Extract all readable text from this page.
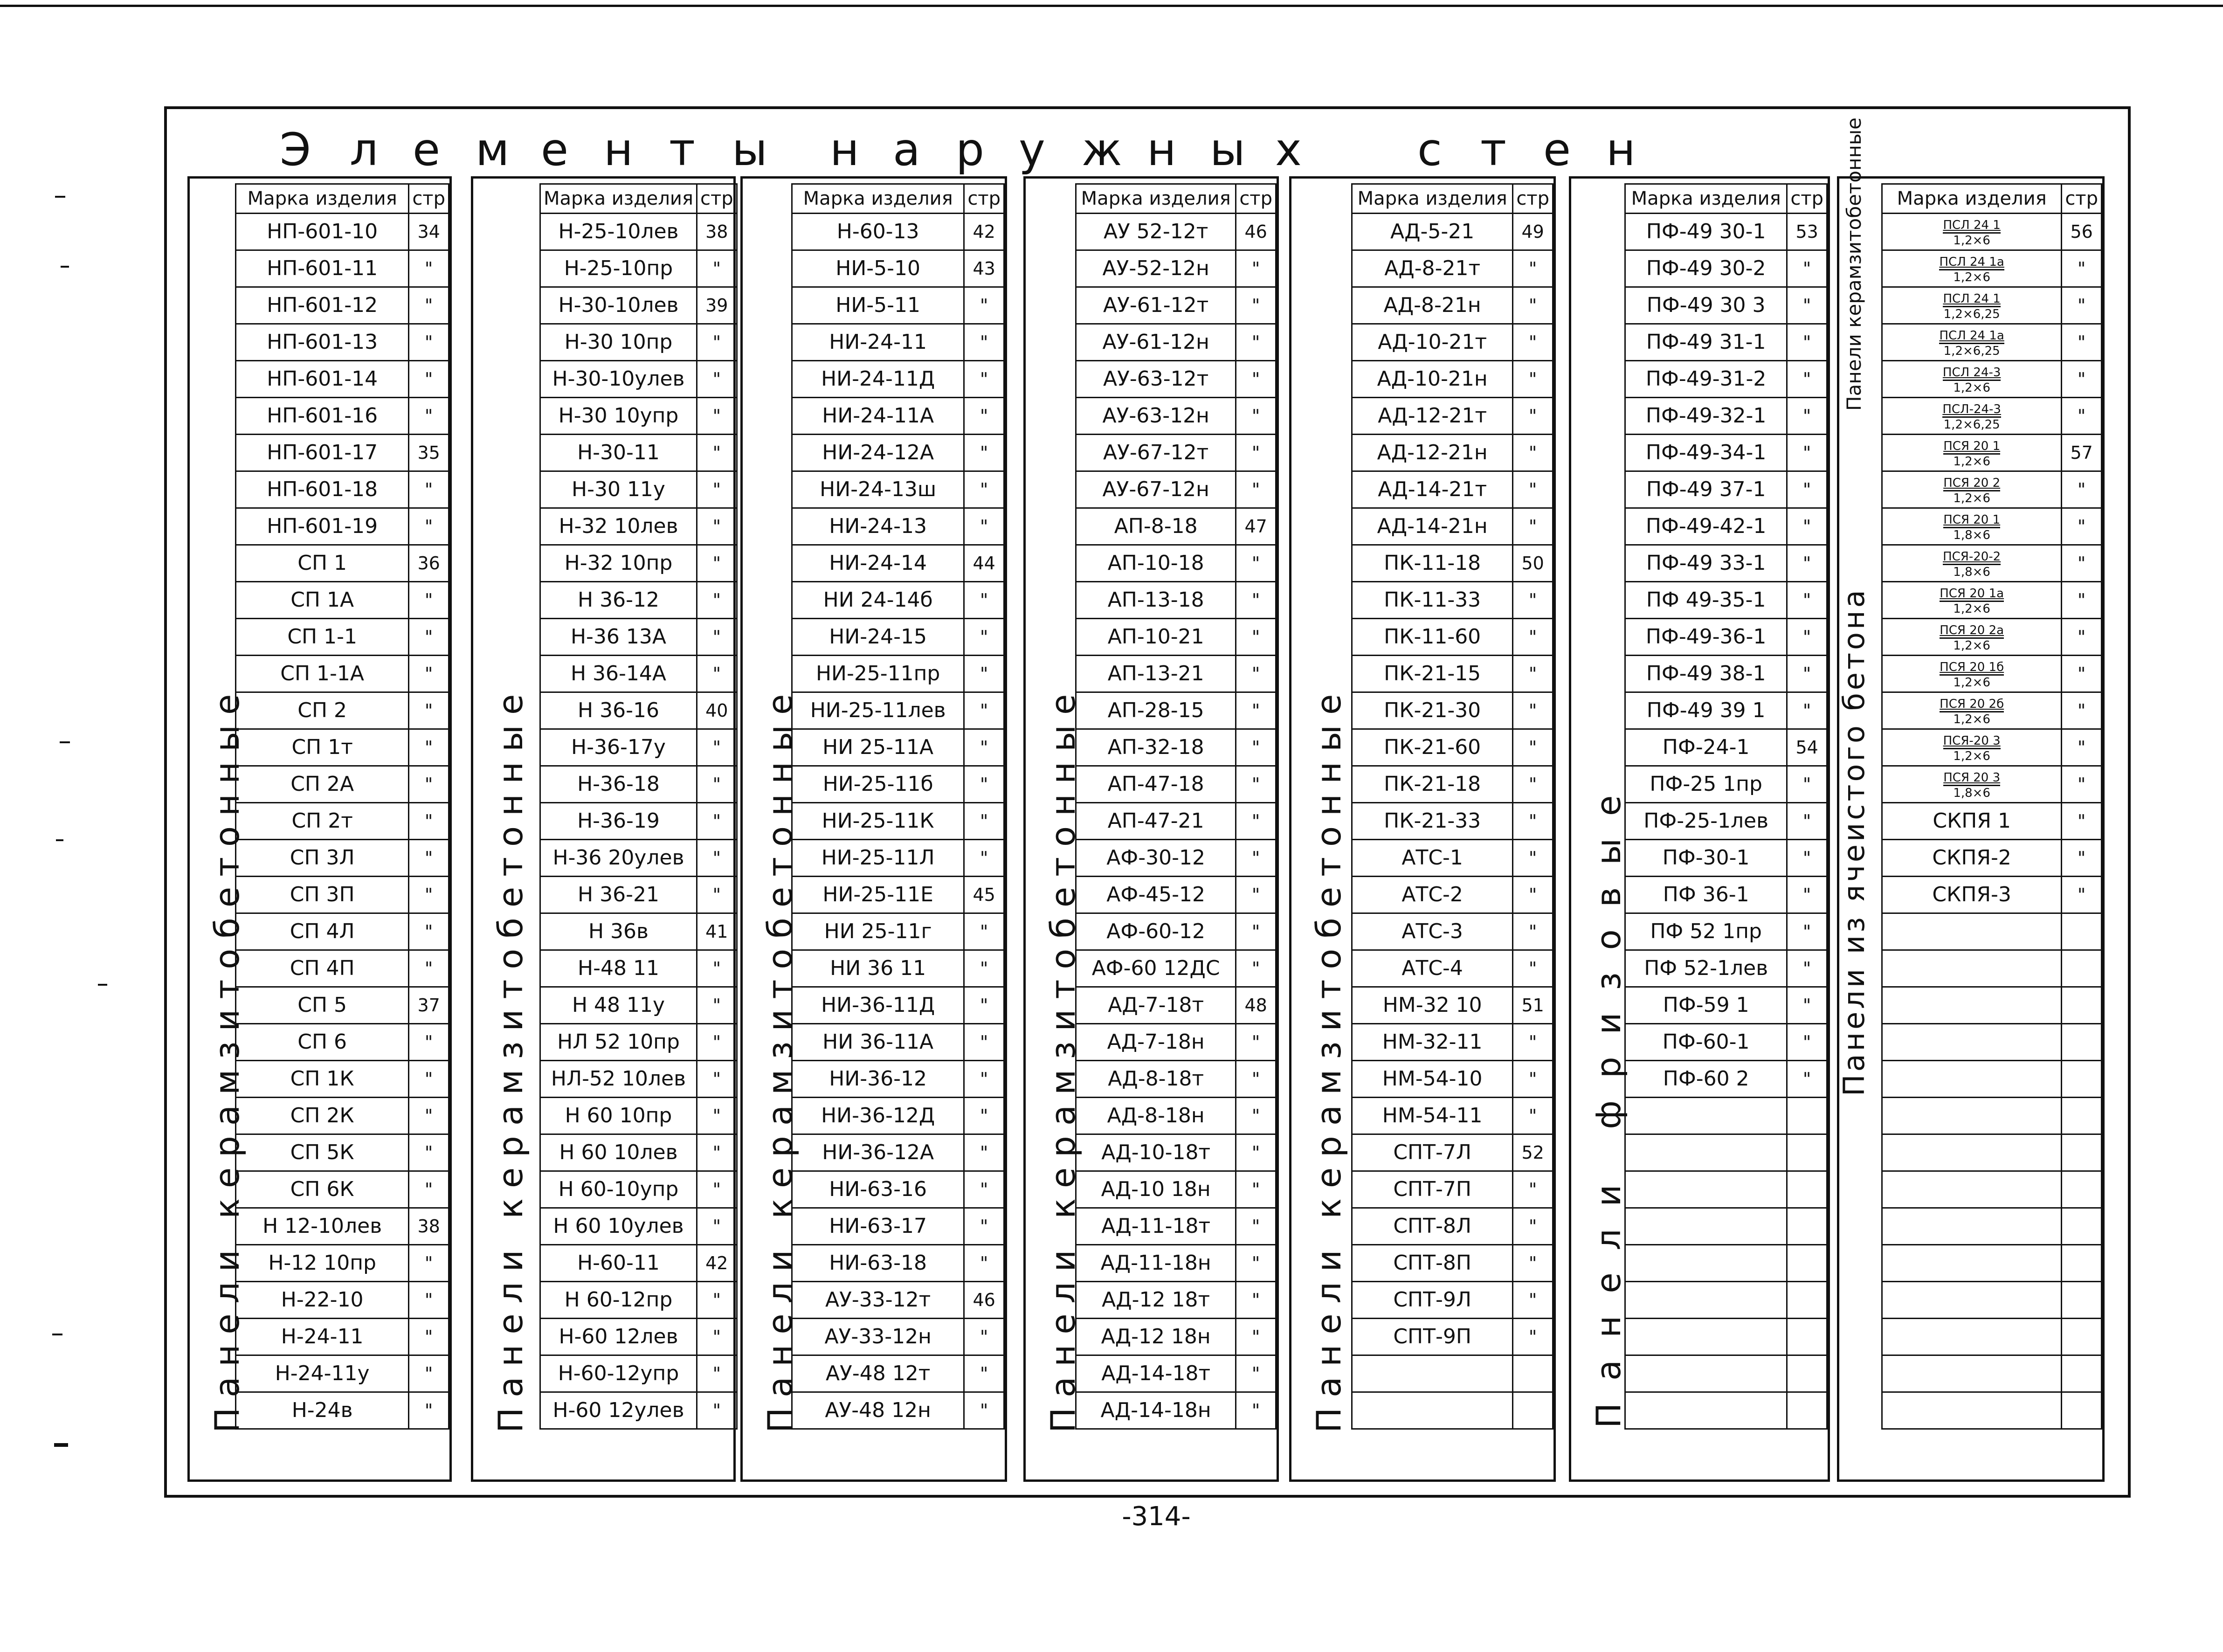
Э л е м е н т ы н а р у ж н ы х	с т е н
Панели керамзитобетонные
Марка изделия	стр
НП-601-10	34
НП-601-11	"
НП-601-12	"
НП-601-13	"
НП-601-14	"
НП-601-16	"
НП-601-17	35
НП-601-18	"
НП-601-19	"
СП 1	36
СП 1А	"
СП 1-1	"
СП 1-1А	"
СП 2	"
СП 1т	"
СП 2А	"
СП 2т	"
СП 3Л	"
СП 3П	"
СП 4Л	"
СП 4П	"
СП 5	37
СП 6	"
СП 1К	"
СП 2К	"
СП 5К	"
СП 6К	"
Н 12-10лев	38
Н-12 10пр	"
Н-22-10	"
Н-24-11	"
Н-24-11у	"
Н-24в	" Панели керамзитобетонные
Марка изделия	стр
Н-25-10лев	38
Н-25-10пр	"
Н-30-10лев	39
Н-30 10пр	"
Н-30-10улев	"
Н-30 10упр	"
Н-30-11	"
Н-30 11у	"
Н-32 10лев	"
Н-32 10пр	"
Н 36-12	"
Н-36 13А	"
Н 36-14А	"
Н 36-16	40
Н-36-17у	"
Н-36-18	"
Н-36-19	"
Н-36 20улев	"
Н 36-21	"
Н 36в	41
Н-48 11	"
Н 48 11у	"
НЛ 52 10пр	"
НЛ-52 10лев	"
Н 60 10пр	"
Н 60 10лев	"
Н 60-10упр	"
Н 60 10улев	"
Н-60-11	42
Н 60-12пр	"
Н-60 12лев	"
Н-60-12упр	"
Н-60 12улев	" Панели керамзитобетонные
Марка изделия	стр
Н-60-13	42
НИ-5-10	43
НИ-5-11	"
НИ-24-11	"
НИ-24-11Д	"
НИ-24-11А	"
НИ-24-12А	"
НИ-24-13ш	"
НИ-24-13	"
НИ-24-14	44
НИ 24-14б	"
НИ-24-15	"
НИ-25-11пр	"
НИ-25-11лев	"
НИ 25-11А	"
НИ-25-11б	"
НИ-25-11К	"
НИ-25-11Л	"
НИ-25-11Е	45
НИ 25-11г	"
НИ 36 11	"
НИ-36-11Д	"
НИ 36-11А	"
НИ-36-12	"
НИ-36-12Д	"
НИ-36-12А	"
НИ-63-16	"
НИ-63-17	"
НИ-63-18	"
АУ-33-12т	46
АУ-33-12н	"
АУ-48 12т	"
АУ-48 12н	" Панели керамзитобетонные
Марка изделия	стр
АУ 52-12т	46
АУ-52-12н	"
АУ-61-12т	"
АУ-61-12н	"
АУ-63-12т	"
АУ-63-12н	"
АУ-67-12т	"
АУ-67-12н	"
АП-8-18	47
АП-10-18	"
АП-13-18	"
АП-10-21	"
АП-13-21	"
АП-28-15	"
АП-32-18	"
АП-47-18	"
АП-47-21	"
АФ-30-12	"
АФ-45-12	"
АФ-60-12	"
АФ-60 12ДС	"
АД-7-18т	48
АД-7-18н	"
АД-8-18т	"
АД-8-18н	"
АД-10-18т	"
АД-10 18н	"
АД-11-18т	"
АД-11-18н	"
АД-12 18т	"
АД-12 18н	"
АД-14-18т	"
АД-14-18н	" Панели керамзитобетонные
Марка изделия	стр
АД-5-21	49
АД-8-21т	"
АД-8-21н	"
АД-10-21т	"
АД-10-21н	"
АД-12-21т	"
АД-12-21н	"
АД-14-21т	"
АД-14-21н	"
ПК-11-18	50
ПК-11-33	"
ПК-11-60	"
ПК-21-15	"
ПК-21-30	"
ПК-21-60	"
ПК-21-18	"
ПК-21-33	"
АТС-1	"
АТС-2	"
АТС-3	"
АТС-4	"
НМ-32 10	51
НМ-32-11	"
НМ-54-10	"
НМ-54-11	"
СПТ-7Л	52
СПТ-7П	"
СПТ-8Л	"
СПТ-8П	"
СПТ-9Л	"
СПТ-9П	"

	Панели фризовые
Марка изделия	стр
ПФ-49 30-1	53
ПФ-49 30-2	"
ПФ-49 30 3	"
ПФ-49 31-1	"
ПФ-49-31-2	"
ПФ-49-32-1	"
ПФ-49-34-1	"
ПФ-49 37-1	"
ПФ-49-42-1	"
ПФ-49 33-1	"
ПФ 49-35-1	"
ПФ-49-36-1	"
ПФ-49 38-1	"
ПФ-49 39 1	"
ПФ-24-1	54
ПФ-25 1пр	"
ПФ-25-1лев	"
ПФ-30-1	"
ПФ 36-1	"
ПФ 52 1пр	"
ПФ 52-1лев	"
ПФ-59 1	"
ПФ-60-1	"
ПФ-60 2	"

Панели керамзитобетонные
Панели из ячеистого бетона
Марка изделия	стр

ПСЛ 24 1
1,2×6	56

ПСЛ 24 1а
1,2×6	"

ПСЛ 24 1
1,2×6,25	"

ПСЛ 24 1а
1,2×6,25	"

ПСЛ 24-3
1,2×6	"

ПСЛ-24-3
1,2×6,25	"

ПСЯ 20 1
1,2×6	57

ПСЯ 20 2
1,2×6	"

ПСЯ 20 1
1,8×6	"

ПСЯ-20-2
1,8×6	"

ПСЯ 20 1а
1,2×6	"

ПСЯ 20 2а
1,2×6	"

ПСЯ 20 1б
1,2×6	"

ПСЯ 20 2б
1,2×6	"

ПСЯ-20 3
1,2×6	"

ПСЯ 20 3
1,8×6	"
СКПЯ 1	"
СКПЯ-2	"
СКПЯ-3	"

-314-
